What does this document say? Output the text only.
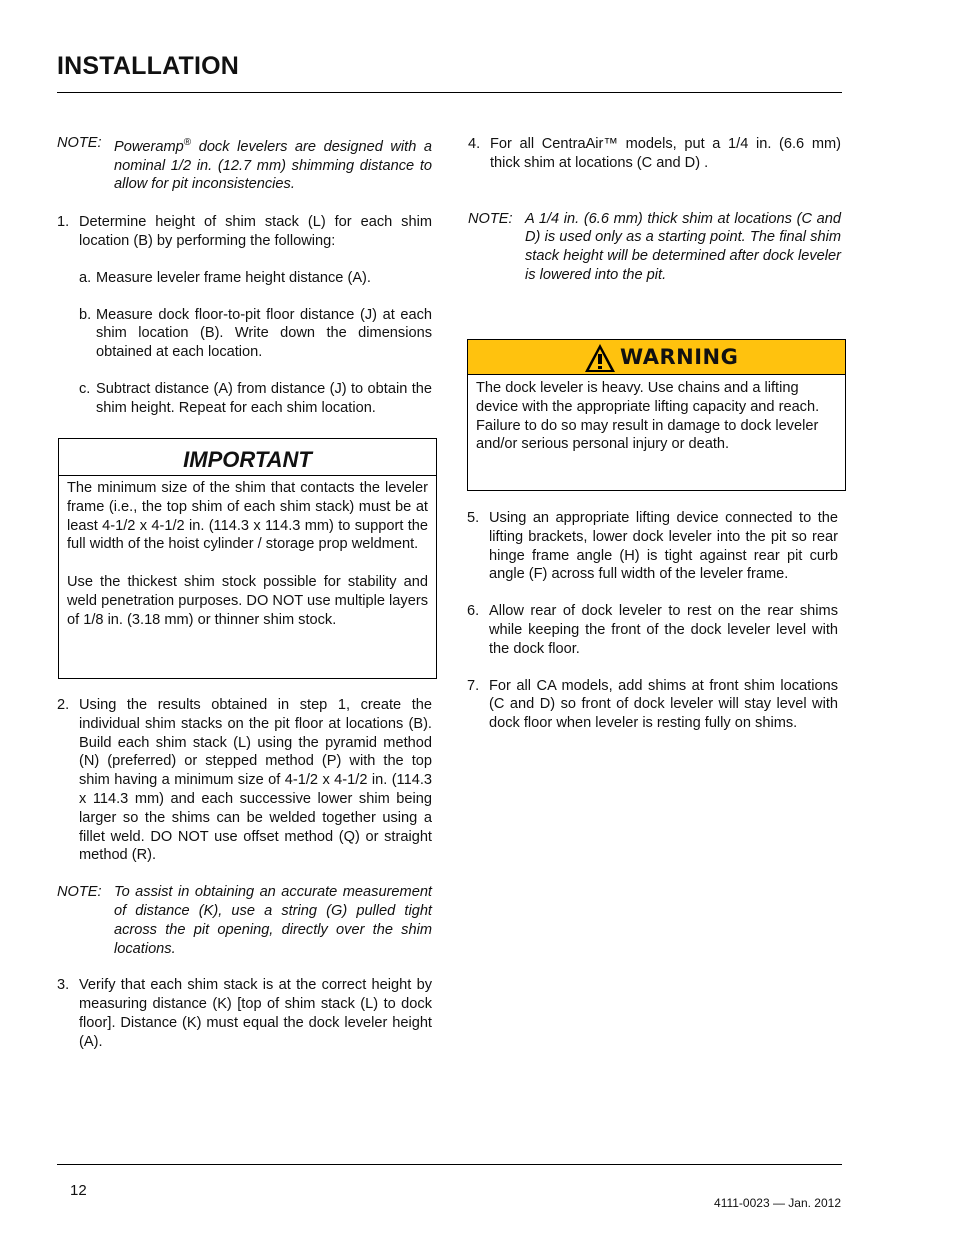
INSTALLATION
NOTE: Poweramp® dock levelers are designed with a nominal 1/2 in. (12.7 mm) shimming distance to allow for pit inconsistencies.
1. Determine height of shim stack (L) for each shim location (B) by performing the following:
a. Measure leveler frame height distance (A).
b. Measure dock floor-to-pit floor distance (J) at each shim location (B). Write down the dimensions obtained at each location.
c. Subtract distance (A) from distance (J) to obtain the shim height. Repeat for each shim location.
IMPORTANT
The minimum size of the shim that contacts the leveler frame (i.e., the top shim of each shim stack) must be at least 4-1/2 x 4-1/2 in. (114.3 x 114.3 mm) to support the full width of the hoist cylinder / storage prop weldment.
Use the thickest shim stock possible for stability and weld penetration purposes. DO NOT use multiple layers of 1/8 in. (3.18 mm) or thinner shim stock.
2. Using the results obtained in step 1, create the individual shim stacks on the pit floor at locations (B). Build each shim stack (L) using the pyramid method (N) (preferred) or stepped method (P) with the top shim having a minimum size of 4-1/2 x 4-1/2 in. (114.3 x 114.3 mm) and each successive lower shim being larger so the shims can be welded together using a fillet weld. DO NOT use offset method (Q) or straight method (R).
NOTE: To assist in obtaining an accurate measurement of distance (K), use a string (G) pulled tight across the pit opening, directly over the shim locations.
3. Verify that each shim stack is at the correct height by measuring distance (K) [top of shim stack (L) to dock floor]. Distance (K) must equal the dock leveler height (A).
4. For all CentraAir™ models, put a 1/4 in. (6.6 mm) thick shim at locations (C and D) .
NOTE: A 1/4 in. (6.6 mm) thick shim at locations (C and D) is used only as a starting point. The final shim stack height will be determined after dock leveler is lowered into the pit.
WARNING
The dock leveler is heavy. Use chains and a lifting device with the appropriate lifting capacity and reach. Failure to do so may result in damage to dock leveler and/or serious personal injury or death.
5. Using an appropriate lifting device connected to the lifting brackets, lower dock leveler into the pit so rear hinge frame angle (H) is tight against rear pit curb angle (F) across full width of the leveler frame.
6. Allow rear of dock leveler to rest on the rear shims while keeping the front of the dock leveler level with the dock floor.
7. For all CA models, add shims at front shim locations (C and D) so front of dock leveler will stay level with dock floor when leveler is resting fully on shims.
12
4111-0023 — Jan. 2012
